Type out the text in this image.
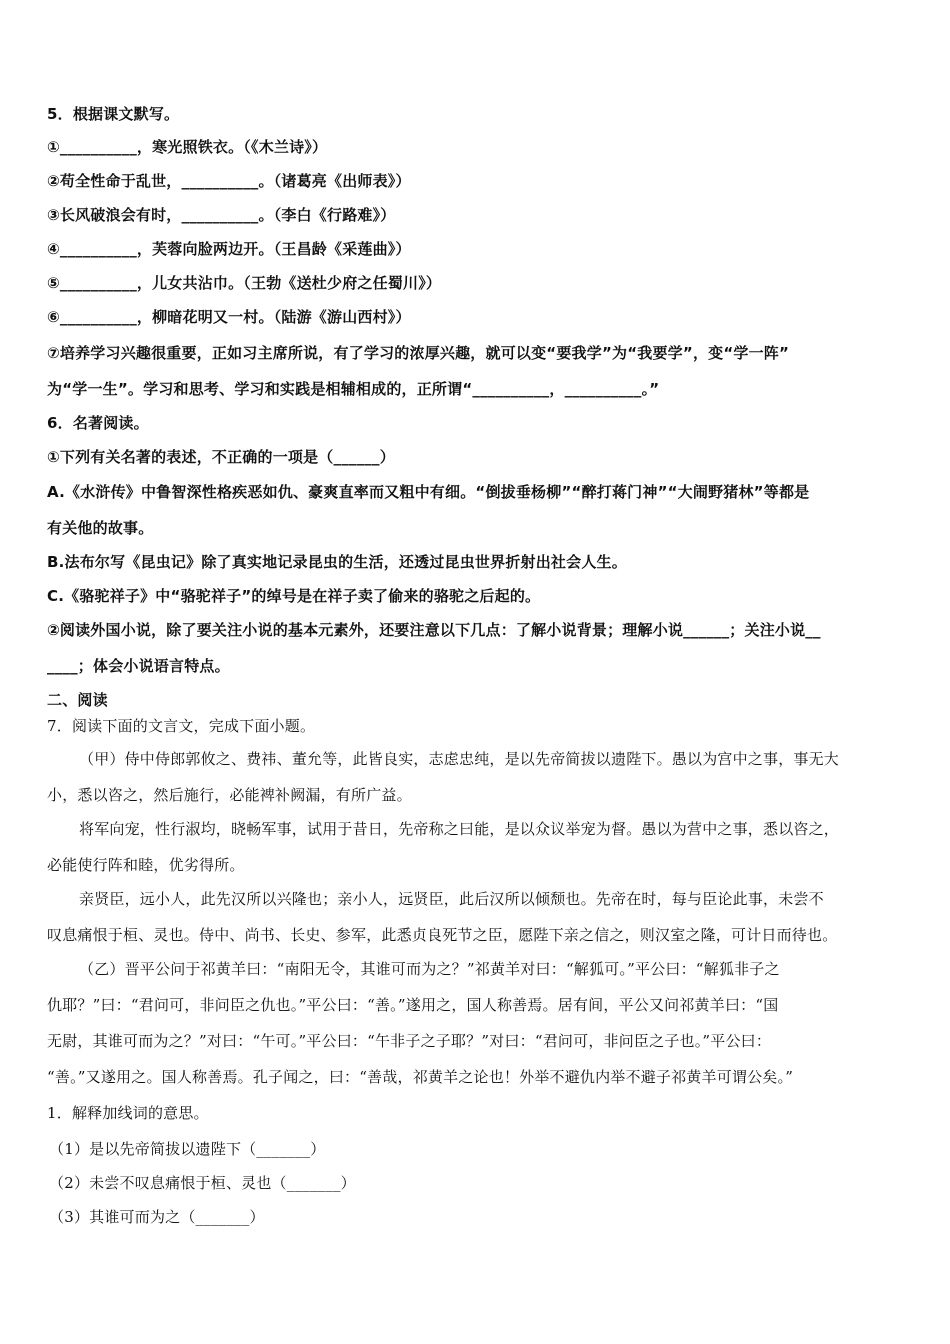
5．根据课文默写。
①__________，寒光照铁衣。（《木兰诗》）
②苟全性命于乱世，__________。（诸葛亮《出师表》）
③长风破浪会有时，__________。（李白《行路难》）
④__________，芙蓉向脸两边开。（王昌龄《采莲曲》）
⑤__________，儿女共沾巾。（王勃《送杜少府之任蜀川》）
⑥__________，柳暗花明又一村。（陆游《游山西村》）
⑦培养学习兴趣很重要，正如习主席所说，有了学习的浓厚兴趣，就可以变“要我学”为“我要学”，变“学一阵”
为“学一生”。学习和思考、学习和实践是相辅相成的，正所谓“__________，__________。”
6．名著阅读。
①下列有关名著的表述，不正确的一项是（______）
A.《水浒传》中鲁智深性格疾恶如仇、豪爽直率而又粗中有细。“倒拔垂杨柳”“醉打蒋门神”“大闹野猪林”等都是
有关他的故事。
B.法布尔写《昆虫记》除了真实地记录昆虫的生活，还透过昆虫世界折射出社会人生。
C.《骆驼祥子》中“骆驼祥子”的绰号是在祥子卖了偷来的骆驼之后起的。
②阅读外国小说，除了要关注小说的基本元素外，还要注意以下几点：了解小说背景；理解小说______；关注小说__
____；体会小说语言特点。
二、阅读
7．阅读下面的文言文，完成下面小题。
（甲）侍中侍郎郭攸之、费祎、董允等，此皆良实，志虑忠纯，是以先帝简拔以遗陛下。愚以为宫中之事，事无大
小，悉以咨之，然后施行，必能裨补阙漏，有所广益。
将军向宠，性行淑均，晓畅军事，试用于昔日，先帝称之曰能，是以众议举宠为督。愚以为营中之事，悉以咨之，
必能使行阵和睦，优劣得所。
亲贤臣，远小人，此先汉所以兴隆也；亲小人，远贤臣，此后汉所以倾颓也。先帝在时，每与臣论此事，未尝不
叹息痛恨于桓、灵也。侍中、尚书、长史、参军，此悉贞良死节之臣，愿陛下亲之信之，则汉室之隆，可计日而待也。
（乙）晋平公问于祁黄羊曰：“南阳无令，其谁可而为之？”祁黄羊对曰：“解狐可。”平公曰：“解狐非子之
仇耶？”曰：“君问可，非问臣之仇也。”平公曰：“善。”遂用之，国人称善焉。居有间，平公又问祁黄羊曰：“国
无尉，其谁可而为之？”对曰：“午可。”平公曰：“午非子之子耶？”对曰：“君问可，非问臣之子也。”平公曰：
“善。”又遂用之。国人称善焉。孔子闻之，曰：“善哉，祁黄羊之论也！外举不避仇内举不避子祁黄羊可谓公矣。”
1．解释加线词的意思。
（1）是以先帝简拔以遗陛下（_______）
（2）未尝不叹息痛恨于桓、灵也（_______）
（3）其谁可而为之（_______）
